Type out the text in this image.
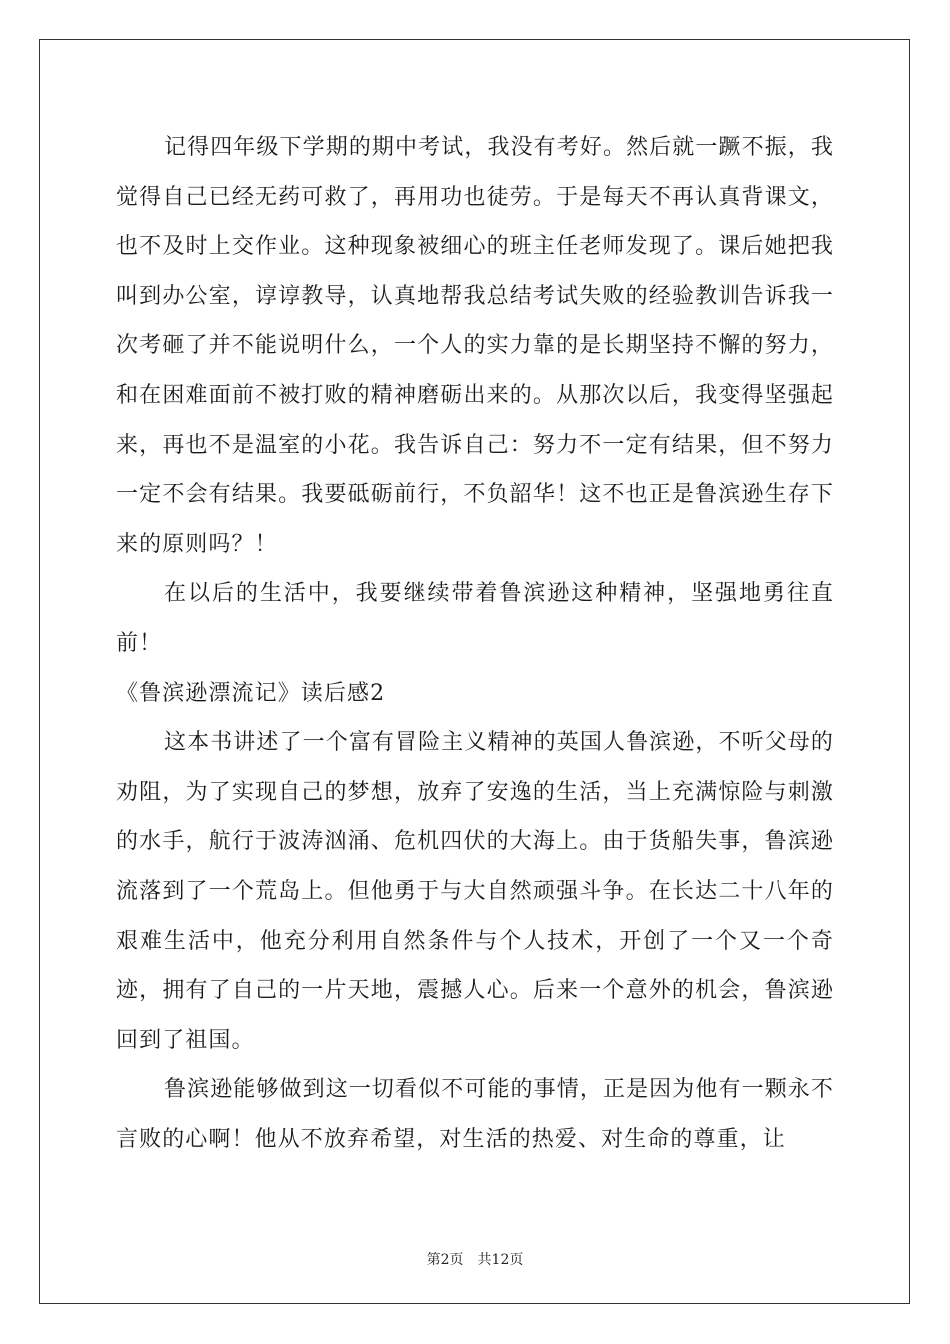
记得四年级下学期的期中考试，我没有考好。然后就一蹶不振，我觉得自己已经无药可救了，再用功也徒劳。于是每天不再认真背课文，也不及时上交作业。这种现象被细心的班主任老师发现了。课后她把我叫到办公室，谆谆教导，认真地帮我总结考试失败的经验教训告诉我一次考砸了并不能说明什么，一个人的实力靠的是长期坚持不懈的努力，和在困难面前不被打败的精神磨砺出来的。从那次以后，我变得坚强起来，再也不是温室的小花。我告诉自己：努力不一定有结果，但不努力一定不会有结果。我要砥砺前行，不负韶华！这不也正是鲁滨逊生存下来的原则吗？！

在以后的生活中，我要继续带着鲁滨逊这种精神，坚强地勇往直前！

《鲁滨逊漂流记》读后感2

这本书讲述了一个富有冒险主义精神的英国人鲁滨逊，不听父母的劝阻，为了实现自己的梦想，放弃了安逸的生活，当上充满惊险与刺激的水手，航行于波涛汹涌、危机四伏的大海上。由于货船失事，鲁滨逊流落到了一个荒岛上。但他勇于与大自然顽强斗争。在长达二十八年的艰难生活中，他充分利用自然条件与个人技术，开创了一个又一个奇迹，拥有了自己的一片天地，震撼人心。后来一个意外的机会，鲁滨逊回到了祖国。

鲁滨逊能够做到这一切看似不可能的事情，正是因为他有一颗永不言败的心啊！他从不放弃希望，对生活的热爱、对生命的尊重，让

第2页 共12页
